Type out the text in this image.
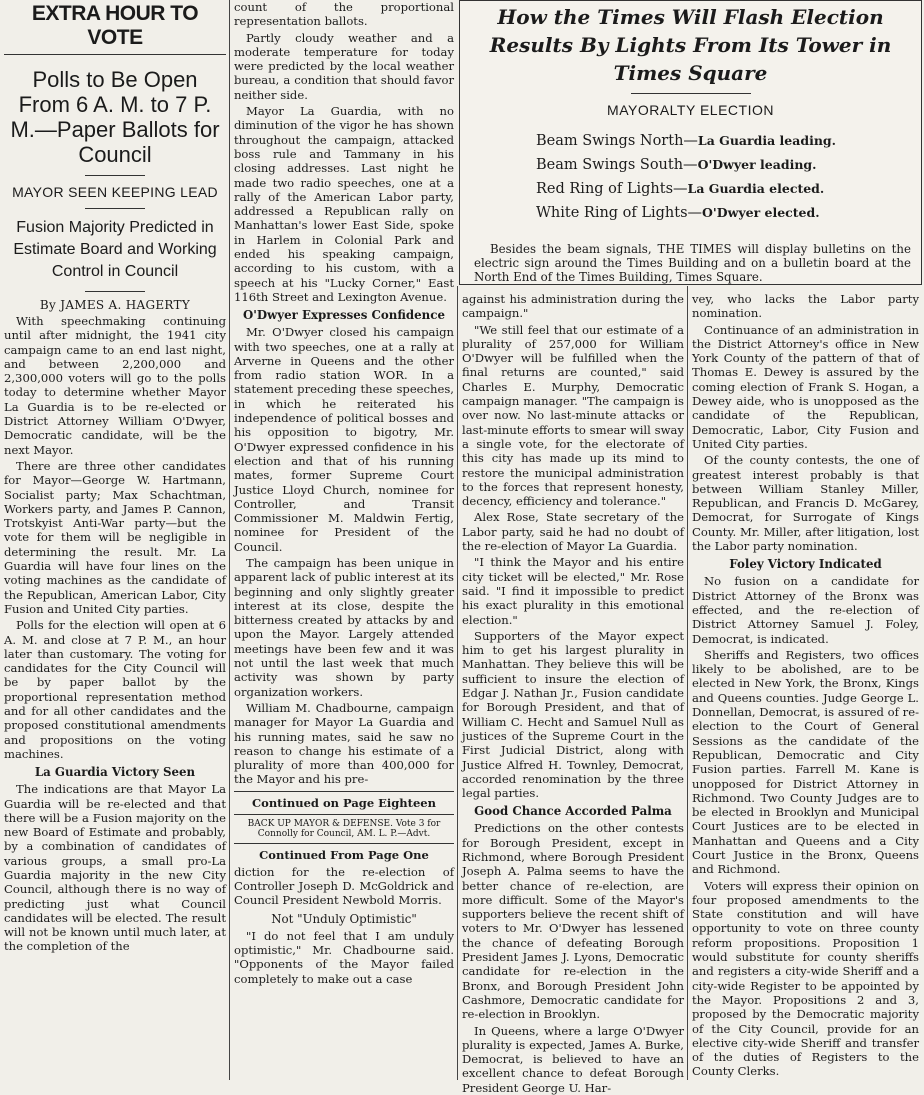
EXTRA HOUR TO VOTE
Polls to Be Open From 6 A. M. to 7 P. M.—Paper Ballots for Council
MAYOR SEEN KEEPING LEAD
Fusion Majority Predicted in Estimate Board and Working Control in Council
By JAMES A. HAGERTY

With speechmaking continuing until after midnight, the 1941 city campaign came to an end last night, and between 2,200,000 and 2,300,000 voters will go to the polls today to determine whether Mayor La Guardia is to be re-elected or District Attorney William O'Dwyer, Democratic candidate, will be the next Mayor.

There are three other candidates for Mayor—George W. Hartmann, Socialist party; Max Schachtman, Workers party, and James P. Cannon, Trotskyist Anti-War party—but the vote for them will be negligible in determining the result. Mr. La Guardia will have four lines on the voting machines as the candidate of the Republican, American Labor, City Fusion and United City parties.

Polls for the election will open at 6 A. M. and close at 7 P. M., an hour later than customary. The voting for candidates for the City Council will be by paper ballot by the proportional representation method and for all other candidates and the proposed constitutional amendments and propositions on the voting machines.

La Guardia Victory Seen

The indications are that Mayor La Guardia will be re-elected and that there will be a Fusion majority on the new Board of Estimate and probably, by a combination of candidates of various groups, a small pro-La Guardia majority in the new City Council, although there is no way of predicting just what Council candidates will be elected. The result will not be known until much later, at the completion of the

count of the proportional representation ballots.

Partly cloudy weather and a moderate temperature for today were predicted by the local weather bureau, a condition that should favor neither side.

Mayor La Guardia, with no diminution of the vigor he has shown throughout the campaign, attacked boss rule and Tammany in his closing addresses. Last night he made two radio speeches, one at a rally of the American Labor party, addressed a Republican rally on Manhattan's lower East Side, spoke in Harlem in Colonial Park and ended his speaking campaign, according to his custom, with a speech at his "Lucky Corner," East 116th Street and Lexington Avenue.

O'Dwyer Expresses Confidence

Mr. O'Dwyer closed his campaign with two speeches, one at a rally at Arverne in Queens and the other from radio station WOR. In a statement preceding these speeches, in which he reiterated his independence of political bosses and his opposition to bigotry, Mr. O'Dwyer expressed confidence in his election and that of his running mates, former Supreme Court Justice Lloyd Church, nominee for Controller, and Transit Commissioner M. Maldwin Fertig, nominee for President of the Council.

The campaign has been unique in apparent lack of public interest at its beginning and only slightly greater interest at its close, despite the bitterness created by attacks by and upon the Mayor. Largely attended meetings have been few and it was not until the last week that much activity was shown by party organization workers.

William M. Chadbourne, campaign manager for Mayor La Guardia and his running mates, said he saw no reason to change his estimate of a plurality of more than 400,000 for the Mayor and his pre-

Continued on Page Eighteen
BACK UP MAYOR & DEFENSE. Vote 3 for Connolly for Council, AM. L. P.—Advt.
Continued From Page One

diction for the re-election of Controller Joseph D. McGoldrick and Council President Newbold Morris.

Not "Unduly Optimistic"

"I do not feel that I am unduly optimistic," Mr. Chadbourne said. "Opponents of the Mayor failed completely to make out a case

How the Times Will Flash Election Results By Lights From Its Tower in Times Square
MAYORALTY ELECTION
Beam Swings North—La Guardia leading.
Beam Swings South—O'Dwyer leading.
Red Ring of Lights—La Guardia elected.
White Ring of Lights—O'Dwyer elected.
Besides the beam signals, THE TIMES will display bulletins on the electric sign around the Times Building and on a bulletin board at the North End of the Times Building, Times Square.

against his administration during the campaign."

"We still feel that our estimate of a plurality of 257,000 for William O'Dwyer will be fulfilled when the final returns are counted," said Charles E. Murphy, Democratic campaign manager. "The campaign is over now. No last-minute attacks or last-minute efforts to smear will sway a single vote, for the electorate of this city has made up its mind to restore the municipal administration to the forces that represent honesty, decency, efficiency and tolerance."

Alex Rose, State secretary of the Labor party, said he had no doubt of the re-election of Mayor La Guardia.

"I think the Mayor and his entire city ticket will be elected," Mr. Rose said. "I find it impossible to predict his exact plurality in this emotional election."

Supporters of the Mayor expect him to get his largest plurality in Manhattan. They believe this will be sufficient to insure the election of Edgar J. Nathan Jr., Fusion candidate for Borough President, and that of William C. Hecht and Samuel Null as justices of the Supreme Court in the First Judicial District, along with Justice Alfred H. Townley, Democrat, accorded renomination by the three legal parties.

Good Chance Accorded Palma

Predictions on the other contests for Borough President, except in Richmond, where Borough President Joseph A. Palma seems to have the better chance of re-election, are more difficult. Some of the Mayor's supporters believe the recent shift of voters to Mr. O'Dwyer has lessened the chance of defeating Borough President James J. Lyons, Democratic candidate for re-election in the Bronx, and Borough President John Cashmore, Democratic candidate for re-election in Brooklyn.

In Queens, where a large O'Dwyer plurality is expected, James A. Burke, Democrat, is believed to have an excellent chance to defeat Borough President George U. Har-

vey, who lacks the Labor party nomination.

Continuance of an administration in the District Attorney's office in New York County of the pattern of that of Thomas E. Dewey is assured by the coming election of Frank S. Hogan, a Dewey aide, who is unopposed as the candidate of the Republican, Democratic, Labor, City Fusion and United City parties.

Of the county contests, the one of greatest interest probably is that between William Stanley Miller, Republican, and Francis D. McGarey, Democrat, for Surrogate of Kings County. Mr. Miller, after litigation, lost the Labor party nomination.

Foley Victory Indicated

No fusion on a candidate for District Attorney of the Bronx was effected, and the re-election of District Attorney Samuel J. Foley, Democrat, is indicated.

Sheriffs and Registers, two offices likely to be abolished, are to be elected in New York, the Bronx, Kings and Queens counties. Judge George L. Donnellan, Democrat, is assured of re-election to the Court of General Sessions as the candidate of the Republican, Democratic and City Fusion parties. Farrell M. Kane is unopposed for District Attorney in Richmond. Two County Judges are to be elected in Brooklyn and Municipal Court Justices are to be elected in Manhattan and Queens and a City Court Justice in the Bronx, Queens and Richmond.

Voters will express their opinion on four proposed amendments to the State constitution and will have opportunity to vote on three county reform propositions. Proposition 1 would substitute for county sheriffs and registers a city-wide Sheriff and a city-wide Register to be appointed by the Mayor. Propositions 2 and 3, proposed by the Democratic majority of the City Council, provide for an elective city-wide Sheriff and transfer of the duties of Registers to the County Clerks.
